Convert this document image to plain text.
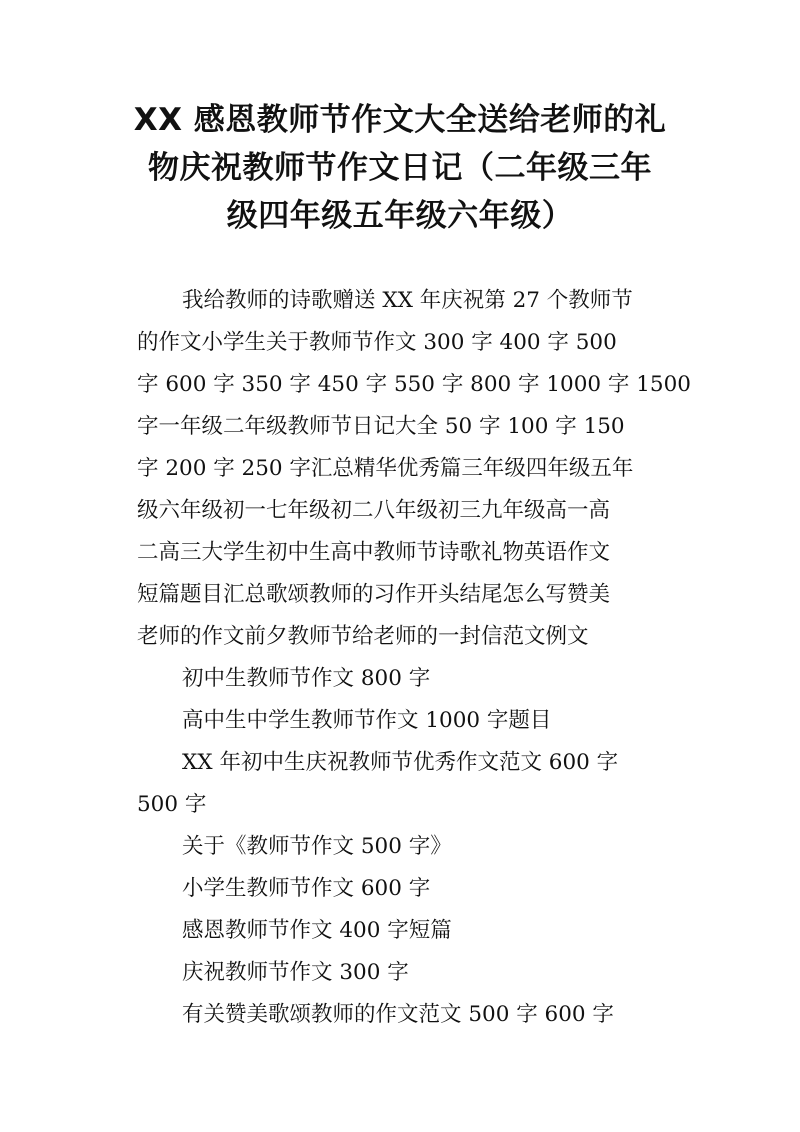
XX 感恩教师节作文大全送给老师的礼
物庆祝教师节作文日记（二年级三年
级四年级五年级六年级）
我给教师的诗歌赠送 XX 年庆祝第 27 个教师节
的作文小学生关于教师节作文 300 字 400 字 500
字 600 字 350 字 450 字 550 字 800 字 1000 字 1500
字一年级二年级教师节日记大全 50 字 100 字 150
字 200 字 250 字汇总精华优秀篇三年级四年级五年
级六年级初一七年级初二八年级初三九年级高一高
二高三大学生初中生高中教师节诗歌礼物英语作文
短篇题目汇总歌颂教师的习作开头结尾怎么写赞美
老师的作文前夕教师节给老师的一封信范文例文
初中生教师节作文 800 字
高中生中学生教师节作文 1000 字题目
XX 年初中生庆祝教师节优秀作文范文 600 字
500 字
关于《教师节作文 500 字》
小学生教师节作文 600 字
感恩教师节作文 400 字短篇
庆祝教师节作文 300 字
有关赞美歌颂教师的作文范文 500 字 600 字
